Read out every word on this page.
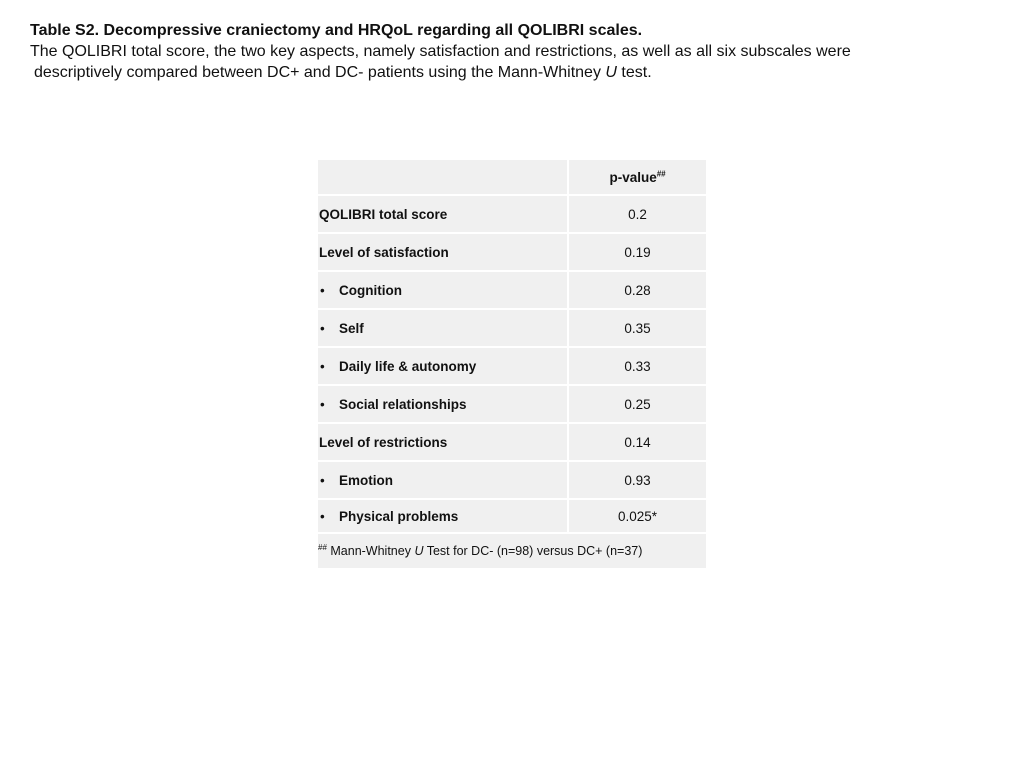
Table S2. Decompressive craniectomy and HRQoL regarding all QOLIBRI scales.
The QOLIBRI total score, the two key aspects, namely satisfaction and restrictions, as well as all six subscales were
descriptively compared between DC+ and DC- patients using the Mann-Whitney U test.
	p-value##
QOLIBRI total score	0.2
Level of satisfaction	0.19
• Cognition	0.28
• Self	0.35
• Daily life & autonomy	0.33
• Social relationships	0.25
Level of restrictions	0.14
• Emotion	0.93
• Physical problems	0.025*
## Mann-Whitney U Test for DC- (n=98) versus DC+ (n=37)	
